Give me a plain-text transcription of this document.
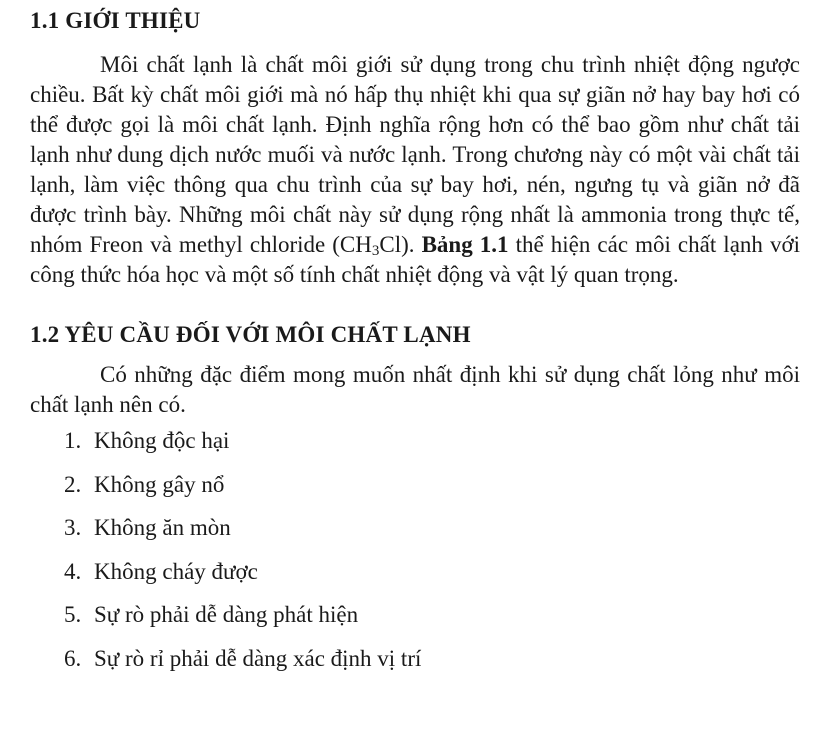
1.1 GIỚI THIỆU

Môi chất lạnh là chất môi giới sử dụng trong chu trình nhiệt động ngược chiều. Bất kỳ chất môi giới mà nó hấp thụ nhiệt khi qua sự giãn nở hay bay hơi có thể được gọi là môi chất lạnh. Định nghĩa rộng hơn có thể bao gồm như chất tải lạnh như dung dịch nước muối và nước lạnh. Trong chương này có một vài chất tải lạnh, làm việc thông qua chu trình của sự bay hơi, nén, ngưng tụ và giãn nở đã được trình bày. Những môi chất này sử dụng rộng nhất là ammonia trong thực tế, nhóm Freon và methyl chloride $(CH_3Cl)$. Bảng 1.1 thể hiện các môi chất lạnh với công thức hóa học và một số tính chất nhiệt động và vật lý quan trọng.

1.2 YÊU CẦU ĐỐI VỚI MÔI CHẤT LẠNH

Có những đặc điểm mong muốn nhất định khi sử dụng chất lỏng như môi chất lạnh nên có.

1. Không độc hại
2. Không gây nổ
3. Không ăn mòn
4. Không cháy được
5. Sự rò phải dễ dàng phát hiện
6. Sự rò rỉ phải dễ dàng xác định vị trí
